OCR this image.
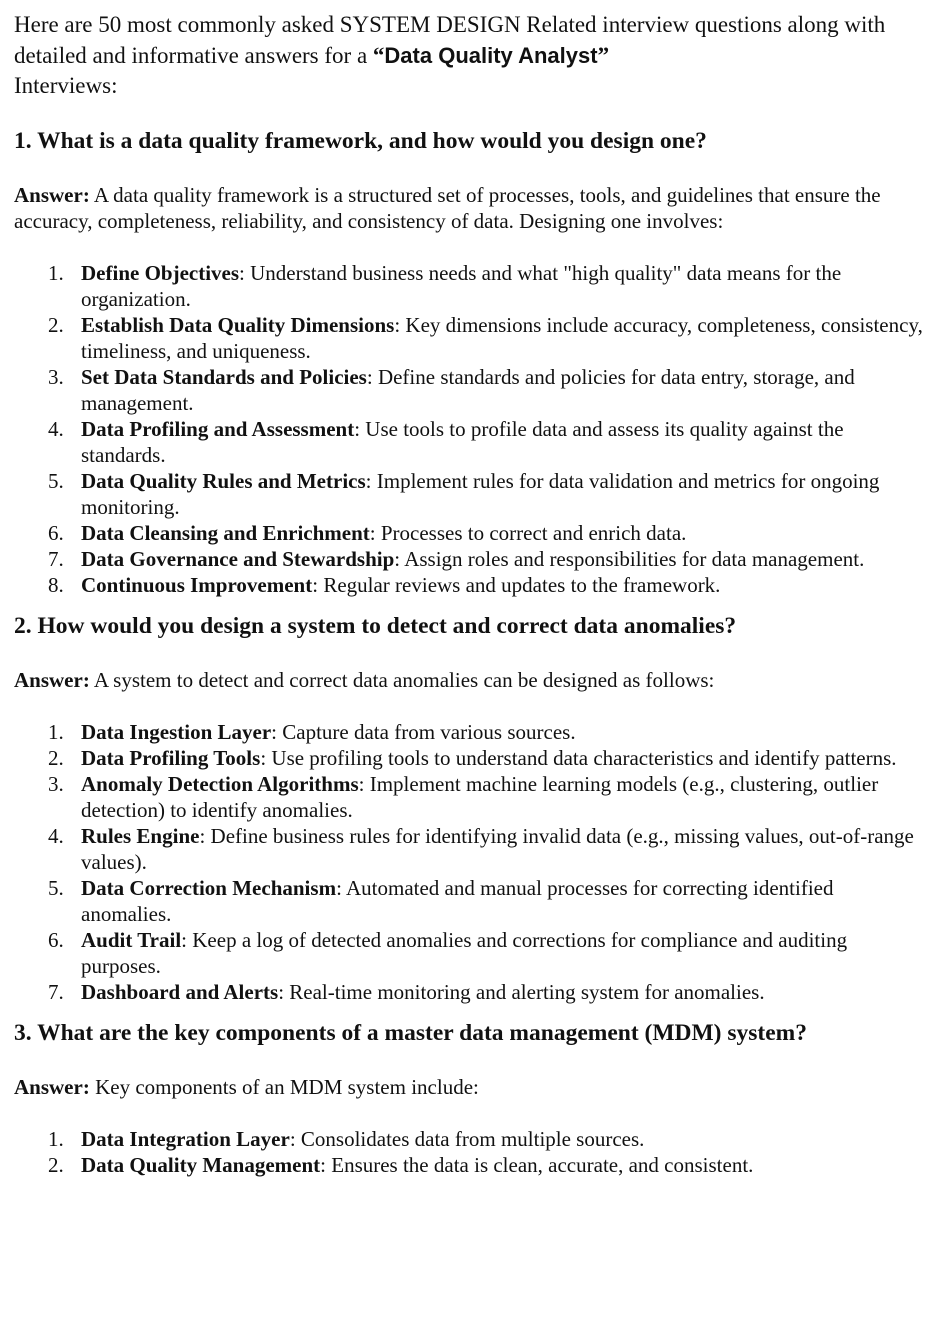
Here are 50 most commonly asked SYSTEM DESIGN Related interview questions along with detailed and informative answers for a “Data Quality Analyst”
Interviews:

1. What is a data quality framework, and how would you design one?

Answer: A data quality framework is a structured set of processes, tools, and guidelines that ensure the accuracy, completeness, reliability, and consistency of data. Designing one involves:

1. Define Objectives: Understand business needs and what "high quality" data means for the organization.
2. Establish Data Quality Dimensions: Key dimensions include accuracy, completeness, consistency, timeliness, and uniqueness.
3. Set Data Standards and Policies: Define standards and policies for data entry, storage, and management.
4. Data Profiling and Assessment: Use tools to profile data and assess its quality against the standards.
5. Data Quality Rules and Metrics: Implement rules for data validation and metrics for ongoing monitoring.
6. Data Cleansing and Enrichment: Processes to correct and enrich data.
7. Data Governance and Stewardship: Assign roles and responsibilities for data management.
8. Continuous Improvement: Regular reviews and updates to the framework.
2. How would you design a system to detect and correct data anomalies?

Answer: A system to detect and correct data anomalies can be designed as follows:

1. Data Ingestion Layer: Capture data from various sources.
2. Data Profiling Tools: Use profiling tools to understand data characteristics and identify patterns.
3. Anomaly Detection Algorithms: Implement machine learning models (e.g., clustering, outlier detection) to identify anomalies.
4. Rules Engine: Define business rules for identifying invalid data (e.g., missing values, out-of-range values).
5. Data Correction Mechanism: Automated and manual processes for correcting identified anomalies.
6. Audit Trail: Keep a log of detected anomalies and corrections for compliance and auditing purposes.
7. Dashboard and Alerts: Real-time monitoring and alerting system for anomalies.
3. What are the key components of a master data management (MDM) system?

Answer: Key components of an MDM system include:

1. Data Integration Layer: Consolidates data from multiple sources.
2. Data Quality Management: Ensures the data is clean, accurate, and consistent.
